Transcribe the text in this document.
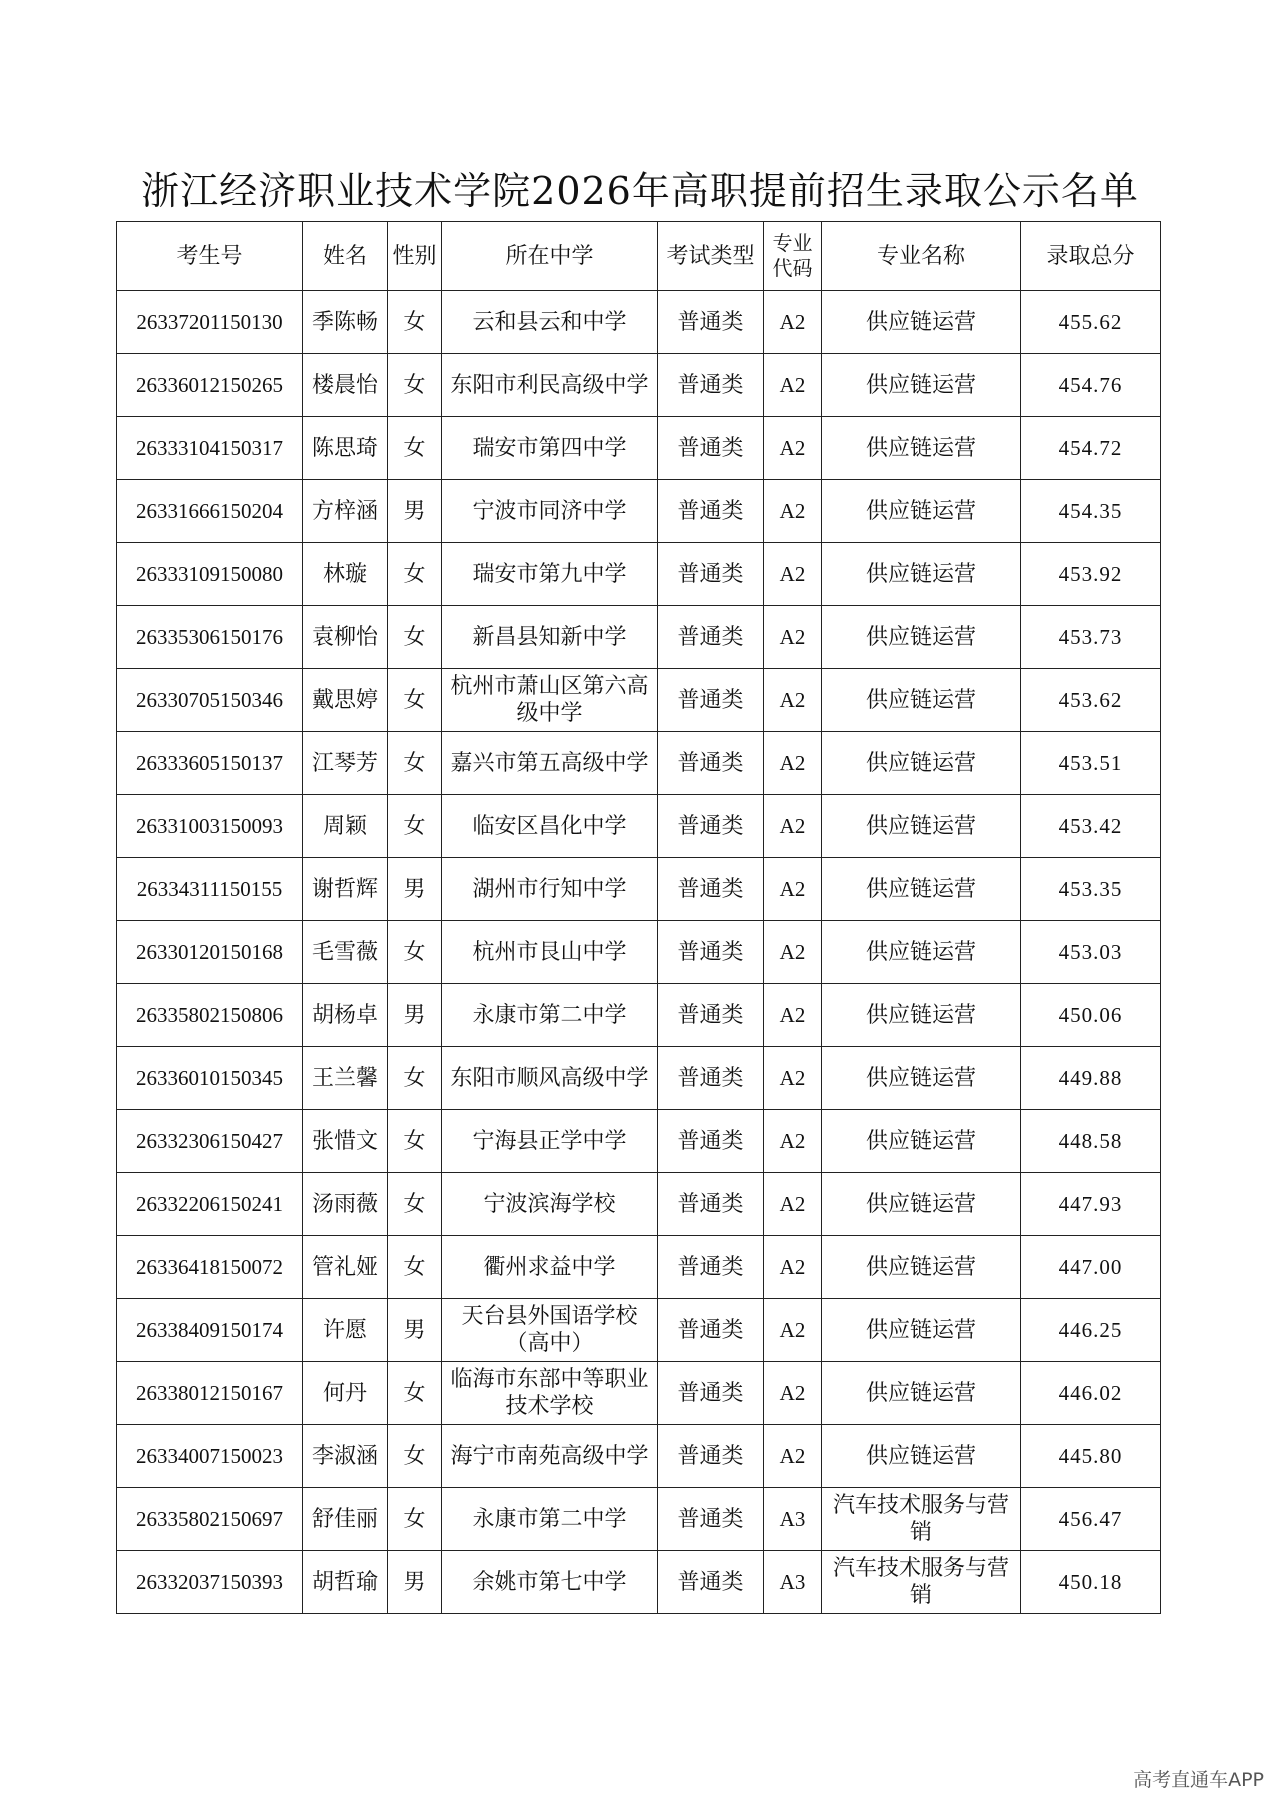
浙江经济职业技术学院2026年高职提前招生录取公示名单
考生号	姓名	性别	所在中学	考试类型	专业代码	专业名称	录取总分
26337201150130	季陈畅	女	云和县云和中学	普通类	A2	供应链运营	455.62
26336012150265	楼晨怡	女	东阳市利民高级中学	普通类	A2	供应链运营	454.76
26333104150317	陈思琦	女	瑞安市第四中学	普通类	A2	供应链运营	454.72
26331666150204	方梓涵	男	宁波市同济中学	普通类	A2	供应链运营	454.35
26333109150080	林璇	女	瑞安市第九中学	普通类	A2	供应链运营	453.92
26335306150176	袁柳怡	女	新昌县知新中学	普通类	A2	供应链运营	453.73
26330705150346	戴思婷	女	杭州市萧山区第六高级中学	普通类	A2	供应链运营	453.62
26333605150137	江琴芳	女	嘉兴市第五高级中学	普通类	A2	供应链运营	453.51
26331003150093	周颖	女	临安区昌化中学	普通类	A2	供应链运营	453.42
26334311150155	谢哲辉	男	湖州市行知中学	普通类	A2	供应链运营	453.35
26330120150168	毛雪薇	女	杭州市艮山中学	普通类	A2	供应链运营	453.03
26335802150806	胡杨卓	男	永康市第二中学	普通类	A2	供应链运营	450.06
26336010150345	王兰馨	女	东阳市顺风高级中学	普通类	A2	供应链运营	449.88
26332306150427	张惜文	女	宁海县正学中学	普通类	A2	供应链运营	448.58
26332206150241	汤雨薇	女	宁波滨海学校	普通类	A2	供应链运营	447.93
26336418150072	管礼娅	女	衢州求益中学	普通类	A2	供应链运营	447.00
26338409150174	许愿	男	天台县外国语学校（高中）	普通类	A2	供应链运营	446.25
26338012150167	何丹	女	临海市东部中等职业技术学校	普通类	A2	供应链运营	446.02
26334007150023	李淑涵	女	海宁市南苑高级中学	普通类	A2	供应链运营	445.80
26335802150697	舒佳丽	女	永康市第二中学	普通类	A3	汽车技术服务与营销	456.47
26332037150393	胡哲瑜	男	余姚市第七中学	普通类	A3	汽车技术服务与营销	450.18
高考直通车APP
